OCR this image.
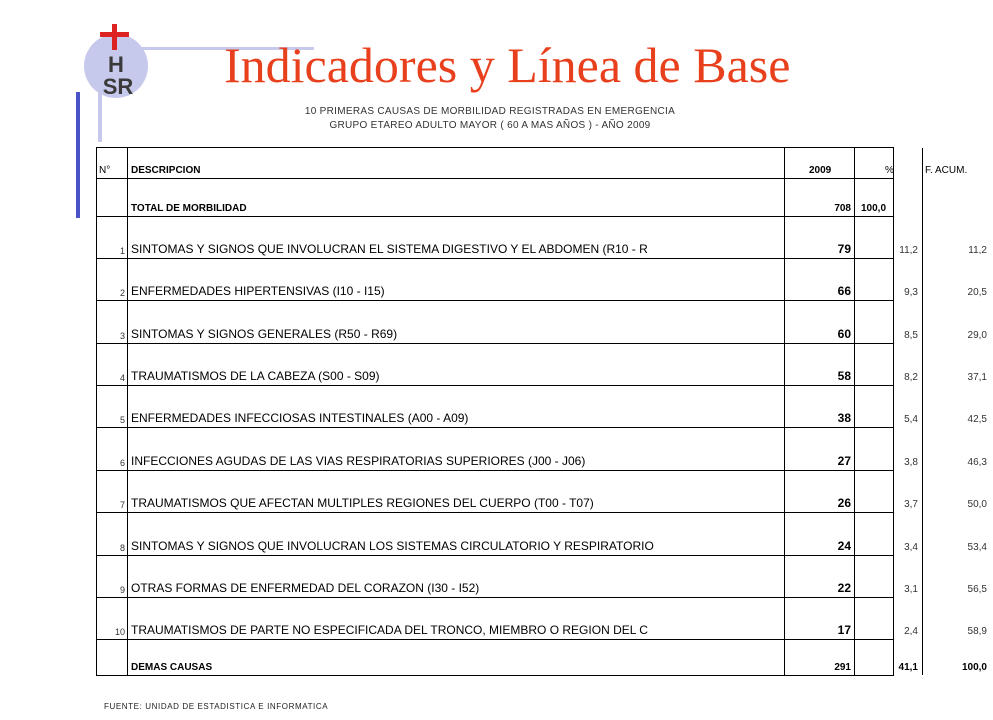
H
SR Indicadores y Línea de Base
10 PRIMERAS CAUSAS DE MORBILIDAD REGISTRADAS EN EMERGENCIA
GRUPO ETAREO ADULTO MAYOR ( 60 A MAS AÑOS ) - AÑO 2009
N° DESCRIPCION	2009	%	F. ACUM.
TOTAL DE MORBILIDAD	708 100,0
1 SINTOMAS Y SIGNOS QUE INVOLUCRAN EL SISTEMA DIGESTIVO Y EL ABDOMEN (R10 - R	79	11,2	11,2
2 ENFERMEDADES HIPERTENSIVAS (I10 - I15)	66	9,3	20,5
3 SINTOMAS Y SIGNOS GENERALES (R50 - R69)	60	8,5	29,0
4 TRAUMATISMOS DE LA CABEZA (S00 - S09)	58	8,2	37,1
5 ENFERMEDADES INFECCIOSAS INTESTINALES (A00 - A09)	38	5,4	42,5
6 INFECCIONES AGUDAS DE LAS VIAS RESPIRATORIAS SUPERIORES (J00 - J06)	27	3,8	46,3
7 TRAUMATISMOS QUE AFECTAN MULTIPLES REGIONES DEL CUERPO (T00 - T07)	26	3,7	50,0
8 SINTOMAS Y SIGNOS QUE INVOLUCRAN LOS SISTEMAS CIRCULATORIO Y RESPIRATORIO	24	3,4	53,4
9 OTRAS FORMAS DE ENFERMEDAD DEL CORAZON (I30 - I52)	22	3,1	56,5
10 TRAUMATISMOS DE PARTE NO ESPECIFICADA DEL TRONCO, MIEMBRO O REGION DEL C	17	2,4	58,9
DEMAS CAUSAS	291	41,1	100,0
FUENTE: UNIDAD DE ESTADISTICA E INFORMATICA
